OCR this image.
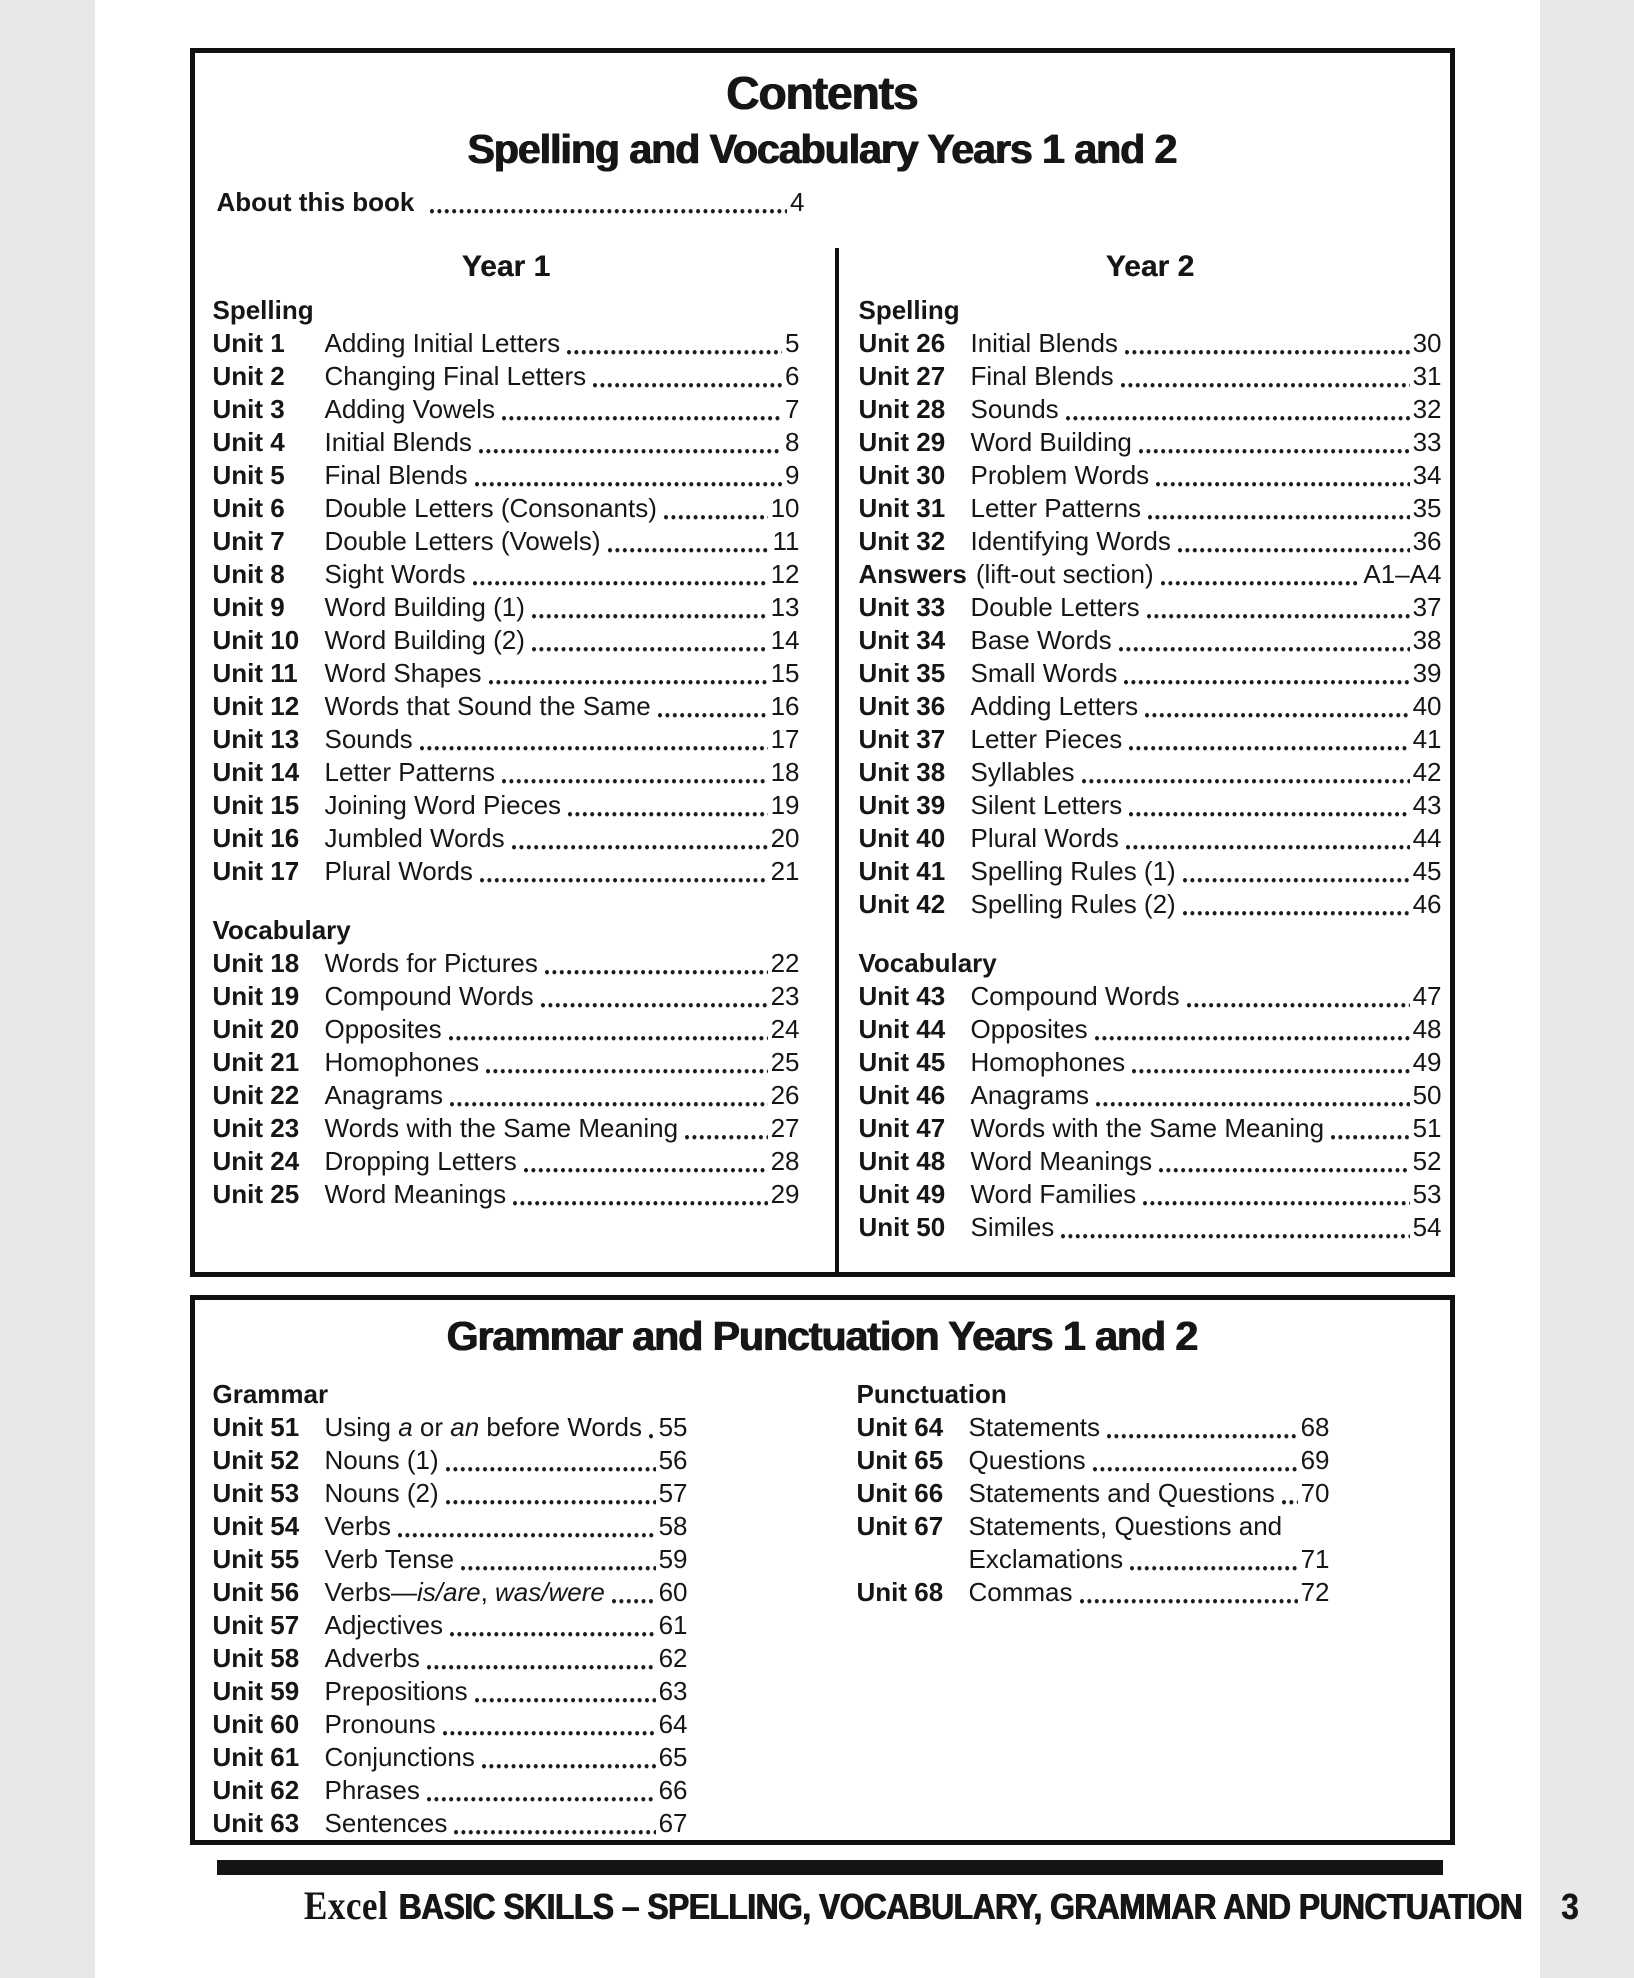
Contents
Spelling and Vocabulary Years 1 and 2
About this book	4
Year 1
Spelling
Unit 1	Adding Initial Letters	5
Unit 2	Changing Final Letters	6
Unit 3	Adding Vowels	7
Unit 4	Initial Blends	8
Unit 5	Final Blends	9
Unit 6	Double Letters (Consonants)	10
Unit 7	Double Letters (Vowels)	11
Unit 8	Sight Words	12
Unit 9	Word Building (1)	13
Unit 10 Word Building (2)	14
Unit 11	Word Shapes	15
Unit 12 Words that Sound the Same	16
Unit 13 Sounds	17
Unit 14 Letter Patterns	18
Unit 15 Joining Word Pieces	19
Unit 16 Jumbled Words	20
Unit 17 Plural Words	21
Vocabulary
Unit 18 Words for Pictures	22
Unit 19 Compound Words	23
Unit 20 Opposites	24
Unit 21 Homophones	25
Unit 22 Anagrams	26
Unit 23 Words with the Same Meaning	27
Unit 24 Dropping Letters	28
Unit 25 Word Meanings	29
Year 2
Spelling
Unit 26 Initial Blends	30
Unit 27 Final Blends	31
Unit 28 Sounds	32
Unit 29 Word Building	33
Unit 30 Problem Words	34
Unit 31 Letter Patterns	35
Unit 32 Identifying Words	36
Answers (lift-out section)	A1–A4
Unit 33 Double Letters	37
Unit 34 Base Words	38
Unit 35 Small Words	39
Unit 36 Adding Letters	40
Unit 37 Letter Pieces	41
Unit 38 Syllables	42
Unit 39 Silent Letters	43
Unit 40 Plural Words	44
Unit 41 Spelling Rules (1)	45
Unit 42 Spelling Rules (2)	46
Vocabulary
Unit 43 Compound Words	47
Unit 44 Opposites	48
Unit 45 Homophones	49
Unit 46 Anagrams	50
Unit 47 Words with the Same Meaning	51
Unit 48 Word Meanings	52
Unit 49 Word Families	53
Unit 50 Similes	54
Grammar and Punctuation Years 1 and 2
Grammar
Unit 51 Using a or an before Words 55
Unit 52 Nouns (1)	56
Unit 53 Nouns (2)	57
Unit 54 Verbs	58
Unit 55 Verb Tense	59
Unit 56 Verbs—is/are, was/were 60
Unit 57 Adjectives	61
Unit 58 Adverbs	62
Unit 59 Prepositions	63
Unit 60 Pronouns	64
Unit 61 Conjunctions	65
Unit 62 Phrases	66
Unit 63 Sentences	67
Punctuation
Unit 64 Statements	68
Unit 65 Questions	69
Unit 66 Statements and Questions 70
Unit 67 Statements, Questions and
Exclamations	71
Unit 68 Commas	72
Excel BASIC SKILLS – SPELLING, VOCABULARY, GRAMMAR AND PUNCTUATION 3
